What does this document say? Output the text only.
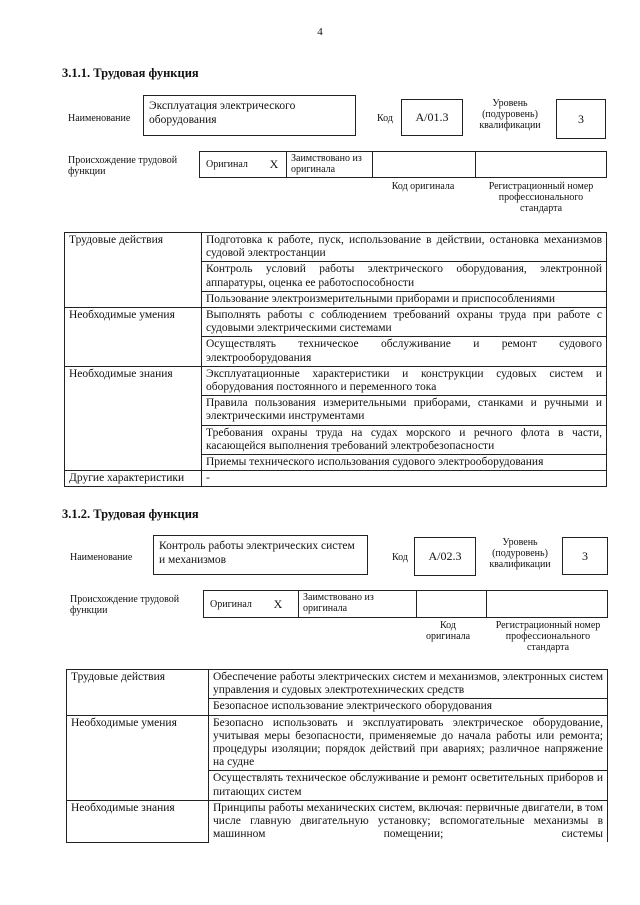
4
3.1.1. Трудовая функция
Наименование
Эксплуатация электрического оборудования	Код A/01.3
Уровень (подуровень) квалификации	3
Происхождение трудовой функции
Оригинал	X	Заимствовано из оригинала
Код оригинала	Регистрационный номер профессионального стандарта
Трудовые действия	Подготовка к работе, пуск, использование в действии, остановка механизмов судовой электростанции
	Контроль условий работы электрического оборудования, электронной аппаратуры, оценка ее работоспособности
	Пользование электроизмерительными приборами и приспособлениями
Необходимые умения	Выполнять работы с соблюдением требований охраны труда при работе с судовыми электрическими системами
	Осуществлять техническое обслуживание и ремонт судового электрооборудования
Необходимые знания	Эксплуатационные характеристики и конструкции судовых систем и оборудования постоянного и переменного тока
	Правила пользования измерительными приборами, станками и ручными и электрическими инструментами
	Требования охраны труда на судах морского и речного флота в части, касающейся выполнения требований электробезопасности
	Приемы технического использования судового электрооборудования
Другие характеристики	-
3.1.2. Трудовая функция
Наименование
Контроль работы электрических систем и механизмов	Код A/02.3
Уровень (подуровень) квалификации
3
Происхождение трудовой функции
Оригинал	X	Заимствовано из оригинала
Код оригинала
Регистрационный номер профессионального стандарта
Трудовые действия	Обеспечение работы электрических систем и механизмов, электронных систем управления и судовых электротехнических средств
	Безопасное использование электрического оборудования
Необходимые умения	Безопасно использовать и эксплуатировать электрическое оборудование, учитывая меры безопасности, применяемые до начала работы или ремонта; процедуры изоляции; порядок действий при авариях; различное напряжение на судне
	Осуществлять техническое обслуживание и ремонт осветительных приборов и питающих систем
Необходимые знания	Принципы работы механических систем, включая: первичные двигатели, в том числе главную двигательную установку; вспомогательные механизмы в машинном помещении; системы
